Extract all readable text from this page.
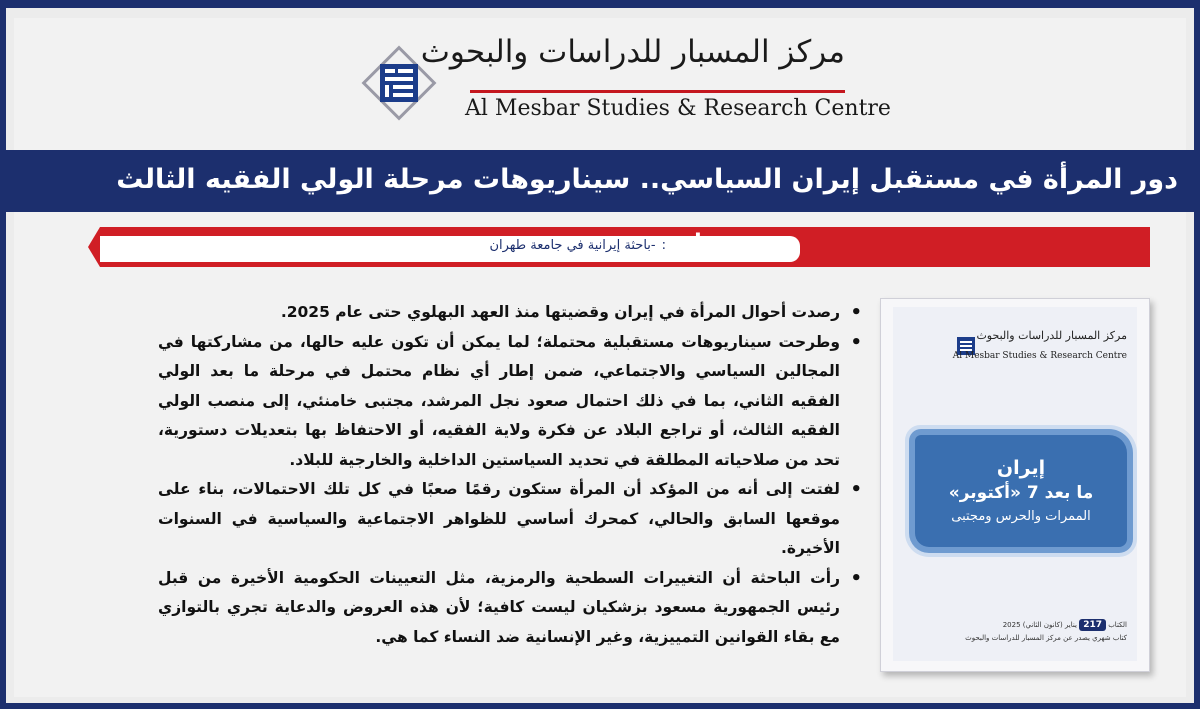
مركز المسبار للدراسات والبحوث
Al Mesbar Studies & Research Centre
دور المرأة في مستقبل إيران السياسي.. سيناريوهات مرحلة الولي الفقيه الثالث
سعيدة تراب:-باحثة إيرانية في جامعة طهران

• رصدت أحوال المرأة في إيران وقضيتها منذ العهد البهلوي حتى عام 2025.

• وطرحت سيناريوهات مستقبلية محتملة؛ لما يمكن أن تكون عليه حالها، من مشاركتها في المجالين السياسي والاجتماعي، ضمن إطار أي نظام محتمل في مرحلة ما بعد الولي الفقيه الثاني، بما في ذلك احتمال صعود نجل المرشد، مجتبى خامنئي، إلى منصب الولي الفقيه الثالث، أو تراجع البلاد عن فكرة ولاية الفقيه، أو الاحتفاظ بها بتعديلات دستورية، تحد من صلاحياته المطلقة في تحديد السياستين الداخلية والخارجية للبلاد.

• لفتت إلى أنه من المؤكد أن المرأة ستكون رقمًا صعبًا في كل تلك الاحتمالات، بناء على موقعها السابق والحالي، كمحرك أساسي للظواهر الاجتماعية والسياسية في السنوات الأخيرة.

• رأت الباحثة أن التغييرات السطحية والرمزية، مثل التعيينات الحكومية الأخيرة من قبل رئيس الجمهورية مسعود بزشكيان ليست كافية؛ لأن هذه العروض والدعاية تجري بالتوازي مع بقاء القوانين التمييزية، وغير الإنسانية ضد النساء كما هي.

مركز المسبار للدراسات والبحوث
Al Mesbar Studies & Research Centre
إيران
ما بعد 7 «أكتوبر»
الممرات والحرس ومجتبى
الكتاب 217 يناير (كانون الثاني) 2025
كتاب شهري يصدر عن مركز المسبار للدراسات والبحوث
